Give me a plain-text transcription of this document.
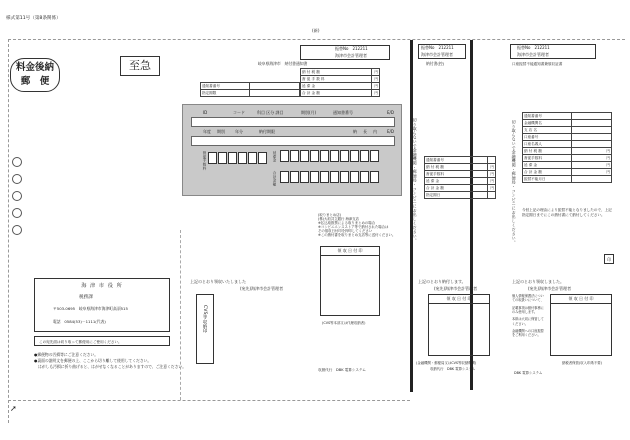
様式第11号（第8条関係）
(新)
料金後納
郵　便
至急
振替No　212211
海津市会計管理者
岐阜県海津市　納付書通知書
納 付 税 額	円
督 促 手 数 料	円
延 滞 金	円
合 計 金 額	円
通知書番号	
指定期限	
ID	コード	科目 区分 課目	期別(月)	通知書番号	E/D
年度 期別	年分	納付期限	納 長 内	E/D
督促手数料	延滞金
合計金額
(取りまとめ店)
(株)大垣共立銀行 海津支店
※払込取扱票による取りまとめの場合
※コンビニエンスストア等で納付された場合は
その領収日付印を押印してください
※この納付書を取りまとめ支店等に送付ください。
上記のとおり領収いたしました
(宛先)海津市会計管理者
CVS等収納印
領 収 日 付 印
(CVS等本部又は代理収納者)
収納代行　DBK 電算システム
海 津 市 役 所
税務課
〒503-0695　岐阜県海津市海津町高須515
電話　0584(53)－1111(代表)
この宛先面は切り取って郵便用にご使用ください。
●郵便物の汚損等にご注意ください。
●裏面の説明文を郵便の上、ここから切り離して使用してください。
はがしも汚損に折り曲げると、はがせなくなることがありますので、ご注意ください。
➚
振替No　212211
海津市会計管理者
納付書(控)
切り取らないで金融機関・郵便局・コンビニにお出しください。 通知書番号	
納 付 税 額	円
督促手数料	円
延 滞 金	円
合 計 金 額	円
指定期日	
上記のとおり納付します。
(宛先)海津市会計管理者
領 収 日 付 印
(金融機関・郵便局又はCVS等収納機関)
収納代行　DBK 電算システム
振替No　212211
海津市会計管理者
口座振替不能通知書兼領収証書
切り取らないで金融機関・郵便局・コンビニにお出しください。
通知書番号	
金融機関名	
支 店 名	
口座番号	
口座名義人	
納 付 税 額	円
督促手数料	円
延 滞 金	円
合 計 金 額	円
振替不能月日	
今回上記の理由により振替不能となりましたので、上記指定期日までにこの納付書にて納付してください。
印
上記のとおり領収しました。
(宛先)海津市会計管理者
個人情報保護法についての取扱いについて、
記載事項は納付事務にのみ使用します。
本紙は大切に保管してください。
金融機関への口座振替をご利用ください。
領 収 日 付 印
納税者保管(収入印紙不要)
DBK 電算システム
